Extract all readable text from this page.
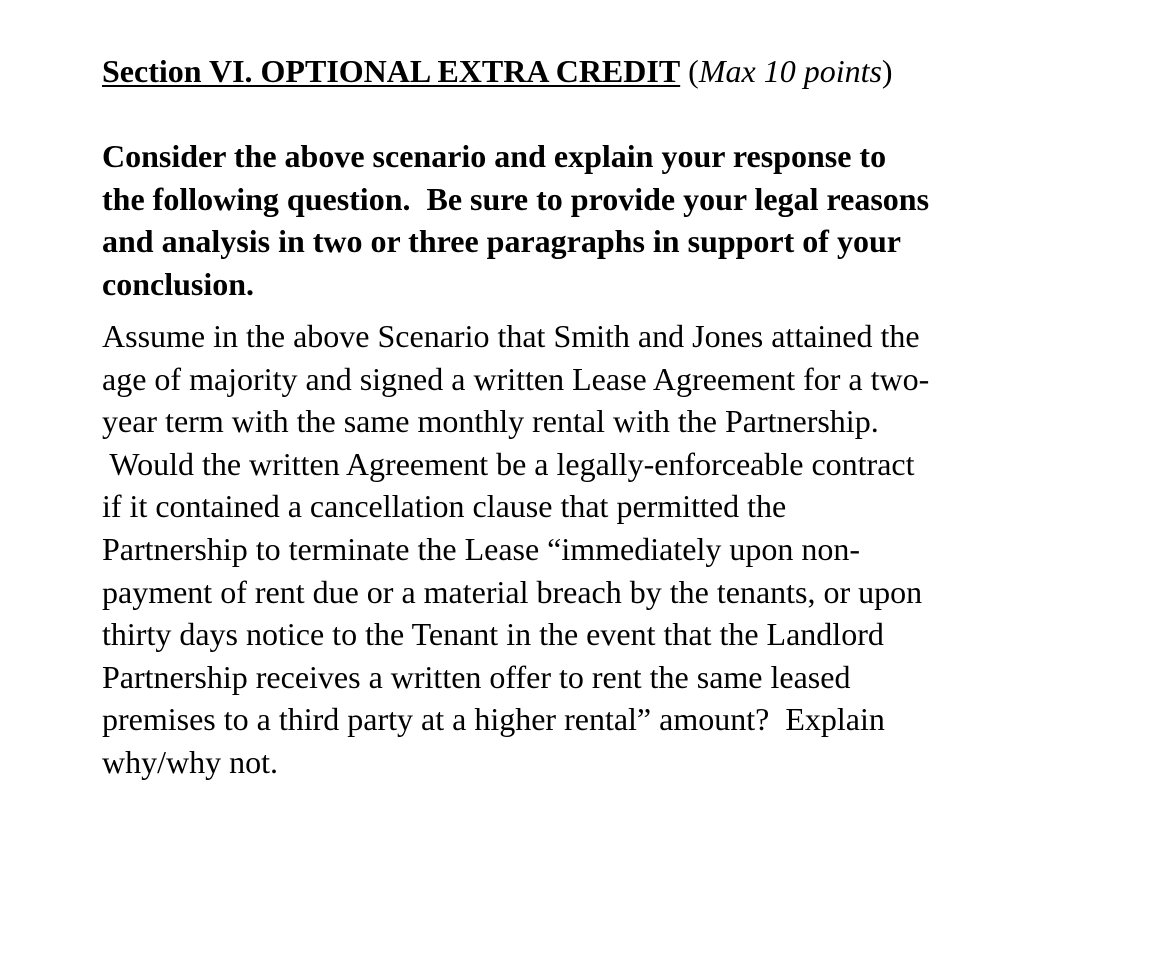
Section VI. OPTIONAL EXTRA CREDIT (Max 10 points)

Consider the above scenario and explain your response to
the following question.  Be sure to provide your legal reasons
and analysis in two or three paragraphs in support of your
conclusion.

Assume in the above Scenario that Smith and Jones attained the
age of majority and signed a written Lease Agreement for a two-
year term with the same monthly rental with the Partnership.
Would the written Agreement be a legally-enforceable contract
if it contained a cancellation clause that permitted the
Partnership to terminate the Lease “immediately upon non-
payment of rent due or a material breach by the tenants, or upon
thirty days notice to the Tenant in the event that the Landlord
Partnership receives a written offer to rent the same leased
premises to a third party at a higher rental” amount?  Explain
why/why not.
